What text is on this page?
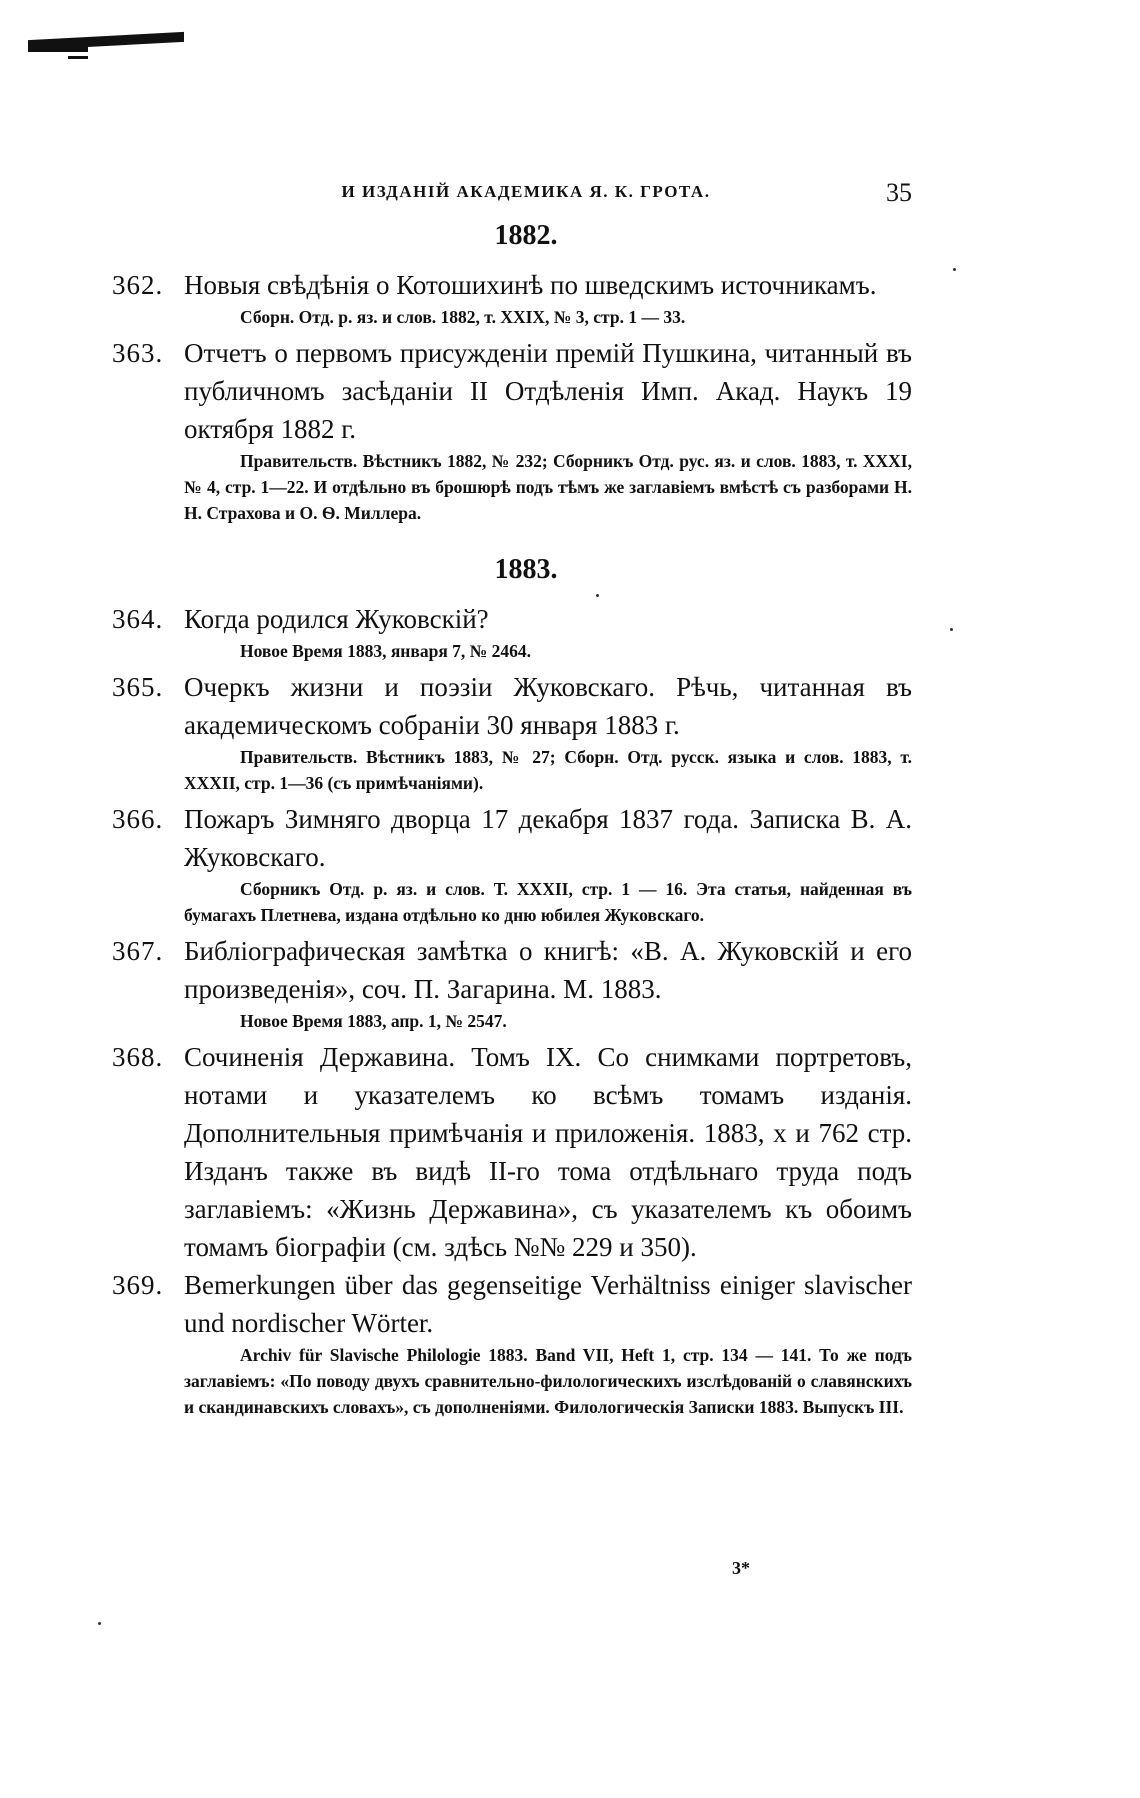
И ИЗДАНІЙ АКАДЕМИКА Я. К. ГРОТА.	35
1882.
362. Новыя свѣдѣнія о Котошихинѣ по шведскимъ источникамъ.

Сборн. Отд. р. яз. и слов. 1882, т. XXIX, № 3, стр. 1 — 33.

363. Отчетъ о первомъ присужденіи премій Пушкина, читанный въ публичномъ засѣданіи II Отдѣленія Имп. Акад. Наукъ 19 октября 1882 г.

Правительств. Вѣстникъ 1882, № 232; Сборникъ Отд. рус. яз. и слов. 1883, т. XXXI, № 4, стр. 1—22. И отдѣльно въ брошюрѣ подъ тѣмъ же заглавіемъ вмѣстѣ съ разборами Н. Н. Страхова и О. Ѳ. Миллера.

1883.
364. Когда родился Жуковскій?

Новое Время 1883, января 7, № 2464.

365. Очеркъ жизни и поэзіи Жуковскаго. Рѣчь, читанная въ академическомъ собраніи 30 января 1883 г.

Правительств. Вѣстникъ 1883, № 27; Сборн. Отд. русск. языка и слов. 1883, т. XXXII, стр. 1—36 (съ примѣчаніями).

366. Пожаръ Зимняго дворца 17 декабря 1837 года. Записка В. А. Жуковскаго.

Сборникъ Отд. р. яз. и слов. Т. XXXII, стр. 1 — 16. Эта статья, найденная въ бумагахъ Плетнева, издана отдѣльно ко дню юбилея Жуковскаго.

367. Библіографическая замѣтка о книгѣ: «В. А. Жуковскій и его произведенія», соч. П. Загарина. М. 1883.

Новое Время 1883, апр. 1, № 2547.

368. Сочиненія Державина. Томъ IX. Со снимками портретовъ, нотами и указателемъ ко всѣмъ томамъ изданія. Дополнительныя примѣчанія и приложенія. 1883, х и 762 стр. Изданъ также въ видѣ II-го тома отдѣльнаго труда подъ заглавіемъ: «Жизнь Державина», съ указателемъ къ обоимъ томамъ біографіи (см. здѣсь №№ 229 и 350).

369. Bemerkungen über das gegenseitige Verhältniss einiger slavischer und nordischer Wörter.

Archiv für Slavische Philologie 1883. Band VII, Heft 1, стр. 134 — 141. То же подъ заглавіемъ: «По поводу двухъ сравнительно-филологическихъ изслѣдованій о славянскихъ и скандинавскихъ словахъ», съ дополненіями. Филологическія Записки 1883. Выпускъ III.

3*
